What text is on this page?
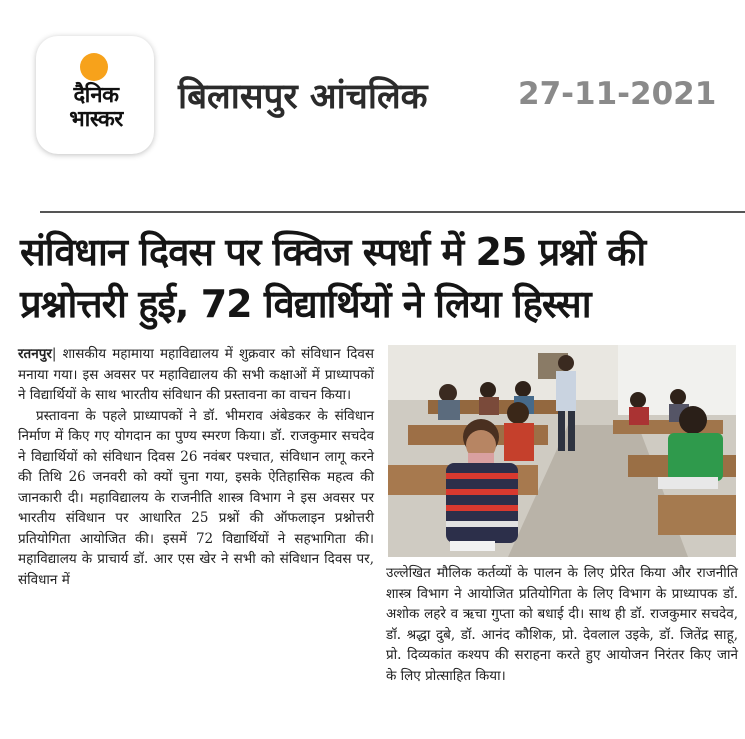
दैनिक भास्कर
बिलासपुर आंचलिक	27-11-2021
संविधान दिवस पर क्विज स्पर्धा में 25 प्रश्नों की प्रश्नोत्तरी हुई, 72 विद्यार्थियों ने लिया हिस्सा

रतनपुर| शासकीय महामाया महाविद्यालय में शुक्रवार को संविधान दिवस मनाया गया। इस अवसर पर महाविद्यालय की सभी कक्षाओं में प्राध्यापकों ने विद्यार्थियों के साथ भारतीय संविधान की प्रस्तावना का वाचन किया।

प्रस्तावना के पहले प्राध्यापकों ने डॉ. भीमराव अंबेडकर के संविधान निर्माण में किए गए योगदान का पुण्य स्मरण किया। डॉ. राजकुमार सचदेव ने विद्यार्थियों को संविधान दिवस 26 नवंबर पश्चात, संविधान लागू करने की तिथि 26 जनवरी को क्यों चुना गया, इसके ऐतिहासिक महत्व की जानकारी दी। महाविद्यालय के राजनीति शास्त्र विभाग ने इस अवसर पर भारतीय संविधान पर आधारित 25 प्रश्नों की ऑफलाइन प्रश्नोत्तरी प्रतियोगिता आयोजित की। इसमें 72 विद्यार्थियों ने सहभागिता की। महाविद्यालय के प्राचार्य डॉ. आर एस खेर ने सभी को संविधान दिवस पर, संविधान में	उल्लेखित मौलिक कर्तव्यों के पालन के लिए प्रेरित किया और राजनीति शास्त्र विभाग ने आयोजित प्रतियोगिता के लिए विभाग के प्राध्यापक डॉ. अशोक लहरे व ऋचा गुप्ता को बधाई दी। साथ ही डॉ. राजकुमार सचदेव, डॉ. श्रद्धा दुबे, डॉ. आनंद कौशिक, प्रो. देवलाल उइके, डॉ. जितेंद्र साहू, प्रो. दिव्यकांत कश्यप की सराहना करते हुए आयोजन निरंतर किए जाने के लिए प्रोत्साहित किया।
